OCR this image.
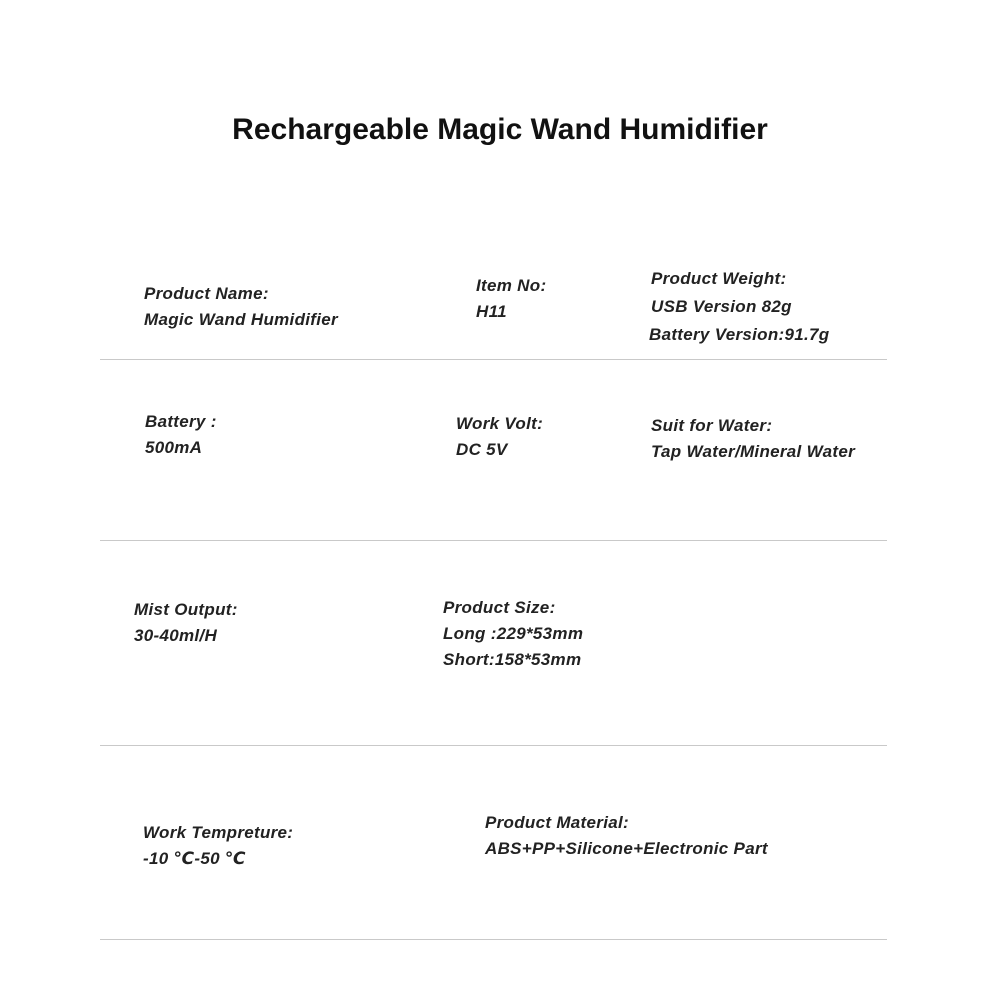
Rechargeable Magic Wand Humidifier
Product Name:
Magic Wand Humidifier
Item No:
H11
Product Weight:
USB Version 82g
Battery Version:91.7g
Battery :
500mA
Work Volt:
DC 5V
Suit for Water:
Tap Water/Mineral Water
Mist Output:
30-40ml/H
Product Size:
Long :229*53mm
Short:158*53mm
Work Tempreture:
-10 ℃-50 ℃
Product Material:
ABS+PP+Silicone+Electronic Part
